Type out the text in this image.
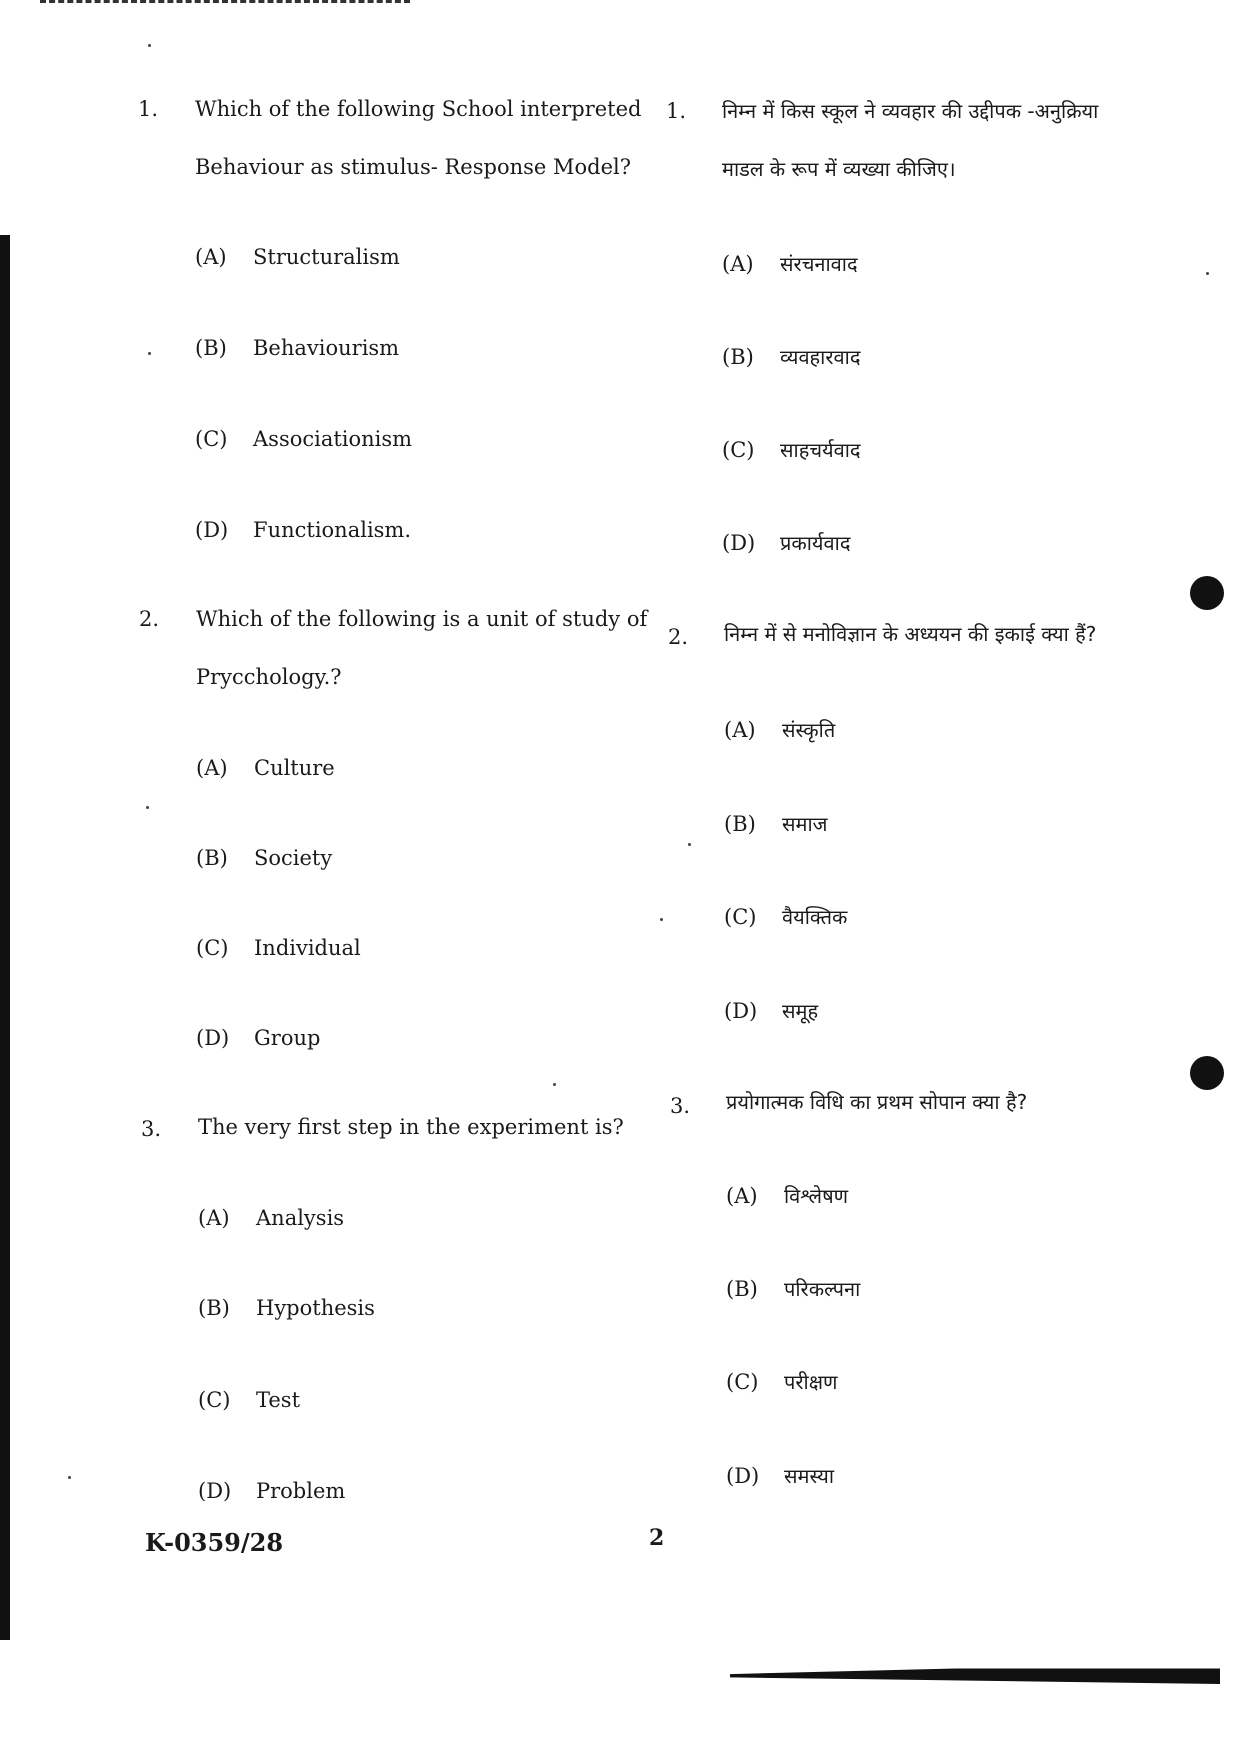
1. Which of the following School interpreted
Behaviour as stimulus- Response Model?
(A) Structuralism
(B) Behaviourism
(C) Associationism
(D) Functionalism.
2. Which of the following is a unit of study of
Prycchology.?
(A) Culture
(B) Society
(C) Individual
(D) Group
3. The very first step in the experiment is?
(A) Analysis
(B) Hypothesis
(C) Test
(D) Problem
1. निम्न में किस स्कूल ने व्यवहार की उद्दीपक -अनुक्रिया
माडल के रूप में व्यख्या कीजिए।
(A) संरचनावाद
(B) व्यवहारवाद
(C) साहचर्यवाद
(D) प्रकार्यवाद
2. निम्न में से मनोविज्ञान के अध्ययन की इकाई क्या हैं?
(A) संस्कृति
(B) समाज
(C) वैयक्तिक
(D) समूह
3. प्रयोगात्मक विधि का प्रथम सोपान क्या है?
(A) विश्लेषण
(B) परिकल्पना
(C) परीक्षण
(D) समस्या
K-0359/28	2
